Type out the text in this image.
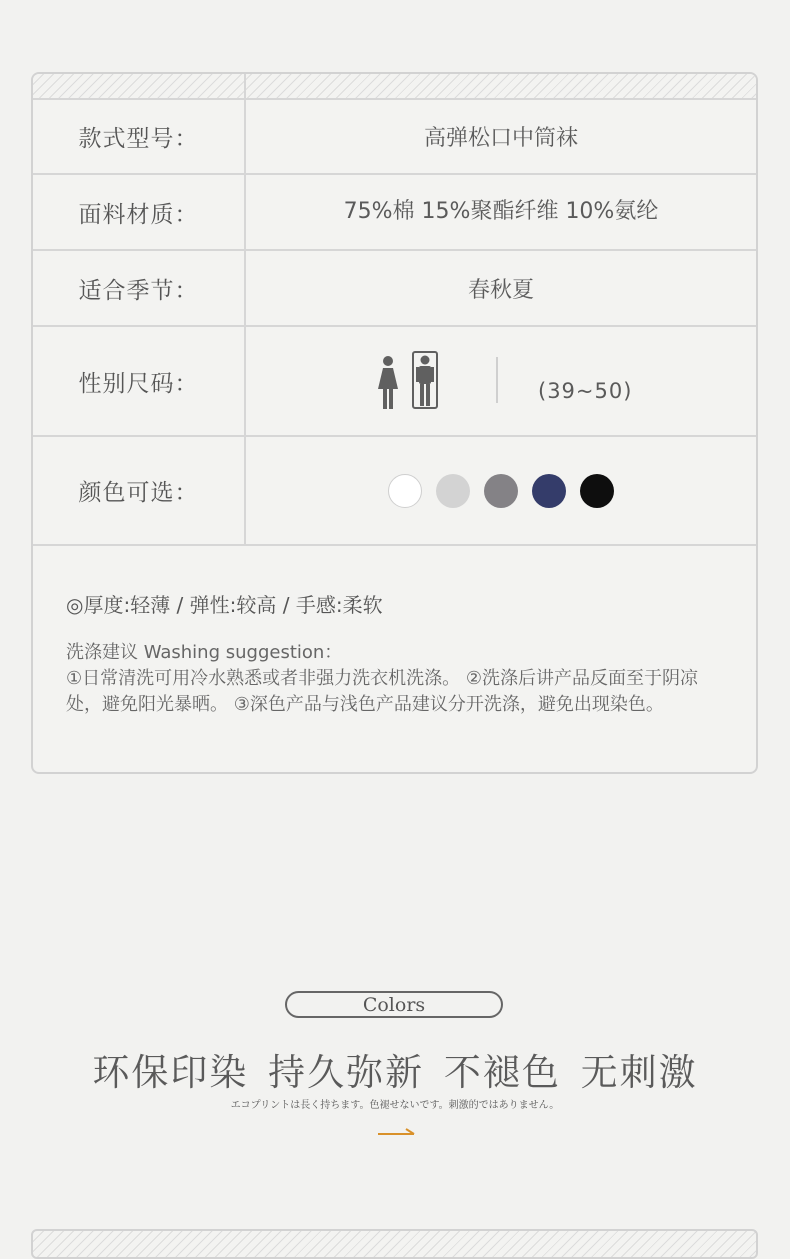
款式型号：	高弹松口中筒袜
面料材质：	75%棉 15%聚酯纤维 10%氨纶
适合季节：	春秋夏
性别尺码：	(39~50)
颜色可选：
◎厚度:轻薄 / 弹性:较高 / 手感:柔软
洗涤建议 Washing suggestion：
①日常清洗可用冷水熟悉或者非强力洗衣机洗涤。 ②洗涤后讲产品反面至于阴凉处，避免阳光暴晒。 ③深色产品与浅色产品建议分开洗涤，避免出现染色。
Colors
环保印染 持久弥新 不褪色 无刺激
エコプリントは長く持ちます。色褪せないです。刺激的ではありません。
